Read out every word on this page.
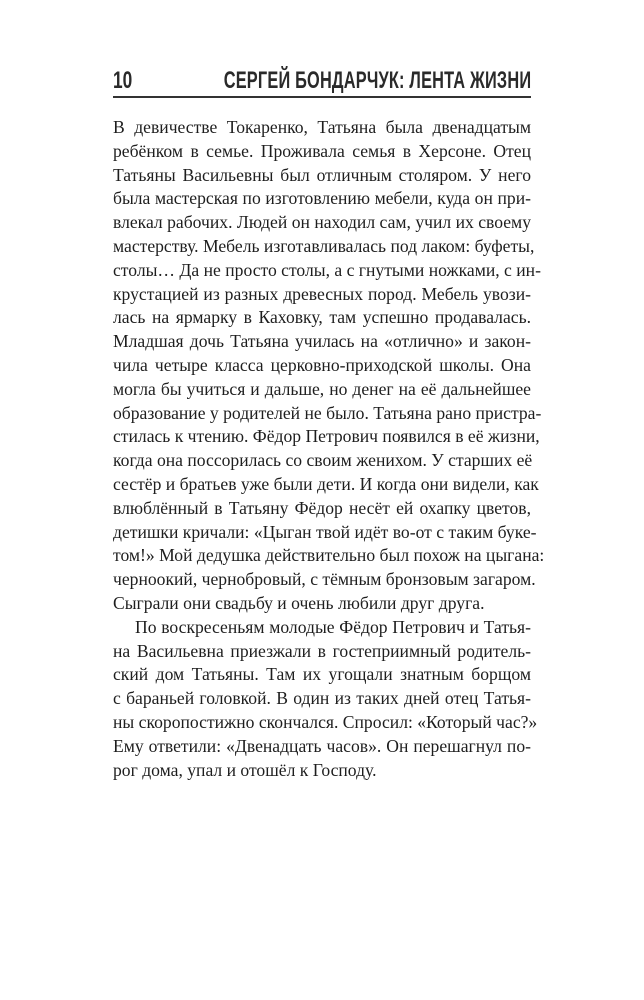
10	СЕРГЕЙ БОНДАРЧУК: ЛЕНТА ЖИЗНИ
В девичестве Токаренко, Татьяна была двенадцатым
ребёнком в семье. Проживала семья в Херсоне. Отец
Татьяны Васильевны был отличным столяром. У него
была мастерская по изготовлению мебели, куда он при-
влекал рабочих. Людей он находил сам, учил их своему
мастерству. Мебель изготавливалась под лаком: буфеты,
столы… Да не просто столы, а с гнутыми ножками, с ин-
крустацией из разных древесных пород. Мебель увози-
лась на ярмарку в Каховку, там успешно продавалась.
Младшая дочь Татьяна училась на «отлично» и закон-
чила четыре класса церковно-приходской школы. Она
могла бы учиться и дальше, но денег на её дальнейшее
образование у родителей не было. Татьяна рано пристра-
стилась к чтению. Фёдор Петрович появился в её жизни,
когда она поссорилась со своим женихом. У старших её
сестёр и братьев уже были дети. И когда они видели, как
влюблённый в Татьяну Фёдор несёт ей охапку цветов,
детишки кричали: «Цыган твой идёт во-от с таким буке-
том!» Мой дедушка действительно был похож на цыгана:
черноокий, чернобровый, с тёмным бронзовым загаром.
Сыграли они свадьбу и очень любили друг друга.
По воскресеньям молодые Фёдор Петрович и Татья-
на Васильевна приезжали в гостеприимный родитель-
ский дом Татьяны. Там их угощали знатным борщом
с бараньей головкой. В один из таких дней отец Татья-
ны скоропостижно скончался. Спросил: «Который час?»
Ему ответили: «Двенадцать часов». Он перешагнул по-
рог дома, упал и отошёл к Господу.
